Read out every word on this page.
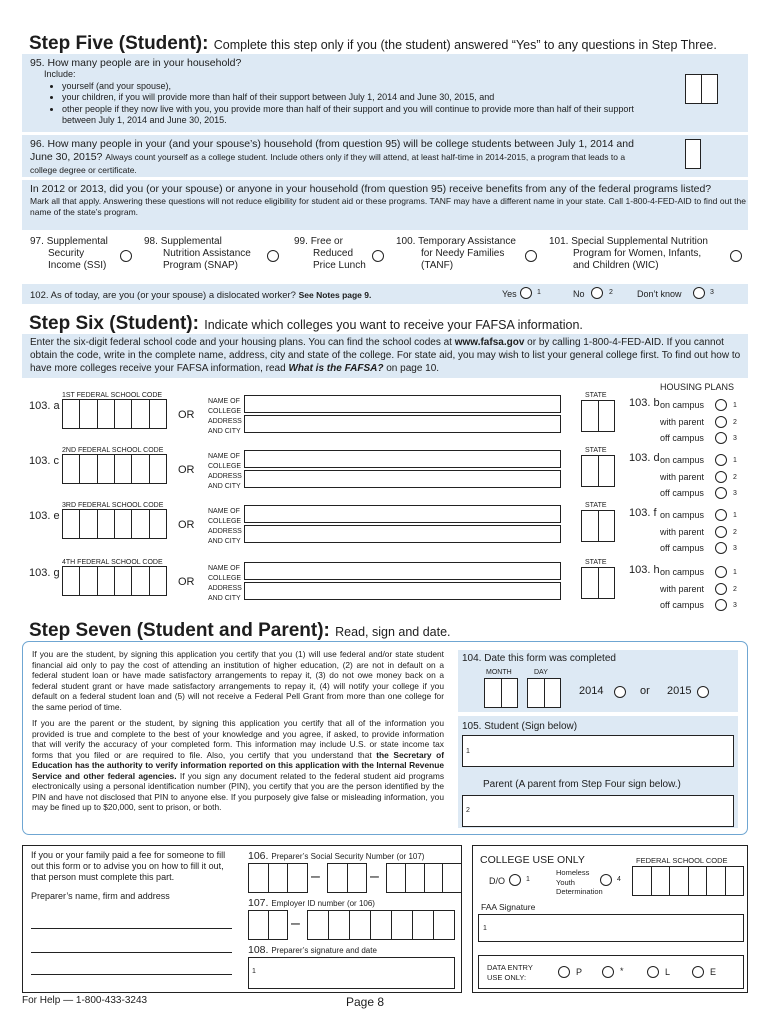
Step Five (Student): Complete this step only if you (the student) answered “Yes” to any questions in Step Three.
95. How many people are in your household?
Include:
• yourself (and your spouse),
• your children, if you will provide more than half of their support between July 1, 2014 and June 30, 2015, and
• other people if they now live with you, you provide more than half of their support and you will continue to provide more than half of their support between July 1, 2014 and June 30, 2015.
96. How many people in your (and your spouse’s) household (from question 95) will be college students between July 1, 2014 and June 30, 2015? Always count yourself as a college student. Include others only if they will attend, at least half-time in 2014-2015, a program that leads to a college degree or certificate.
In 2012 or 2013, did you (or your spouse) or anyone in your household (from question 95) receive benefits from any of the federal programs listed?
Mark all that apply. Answering these questions will not reduce eligibility for student aid or these programs. TANF may have a different name in your state. Call 1-800-4-FED-AID to find out the name of the state’s program.
97. Supplemental
Security
Income (SSI)
98. Supplemental
Nutrition Assistance
Program (SNAP)
99. Free or
Reduced
Price Lunch
100. Temporary Assistance
for Needy Families
(TANF)
101. Special Supplemental Nutrition
Program for Women, Infants,
and Children (WIC)
102. As of today, are you (or your spouse) a dislocated worker? See Notes page 9.	Yes	1	No	2	Don’t know	3
Step Six (Student): Indicate which colleges you want to receive your FAFSA information.
Enter the six-digit federal school code and your housing plans. You can find the school codes at www.fafsa.gov or by calling 1-800-4-FED-AID. If you cannot obtain the code, write in the complete name, address, city and state of the college. For state aid, you may wish to list your general college first. To find out how to have more colleges receive your FAFSA information, read What is the FAFSA? on page 10.
HOUSING PLANS
1ST FEDERAL SCHOOL CODE
103. a
OR
NAME OF
COLLEGE
ADDRESS
AND CITY
STATE
103. b on campus	1
with parent	2
off campus	3
2ND FEDERAL SCHOOL CODE
103. c
OR
NAME OF
COLLEGE
ADDRESS
AND CITY
STATE
103. d on campus	1
with parent	2
off campus	3
3RD FEDERAL SCHOOL CODE
103. e
OR
NAME OF
COLLEGE
ADDRESS
AND CITY
STATE
103. f on campus	1
with parent	2
off campus	3
4TH FEDERAL SCHOOL CODE
103. g
OR
NAME OF
COLLEGE
ADDRESS
AND CITY
STATE
103. h on campus	1
with parent	2
off campus	3
Step Seven (Student and Parent): Read, sign and date.
If you are the student, by signing this application you certify that you (1) will use federal and/or state student financial aid only to pay the cost of attending an institution of higher education, (2) are not in default on a federal student loan or have made satisfactory arrangements to repay it, (3) do not owe money back on a federal student grant or have made satisfactory arrangements to repay it, (4) will notify your college if you default on a federal student loan and (5) will not receive a Federal Pell Grant from more than one college for the same period of time.
If you are the parent or the student, by signing this application you certify that all of the information you provided is true and complete to the best of your knowledge and you agree, if asked, to provide information that will verify the accuracy of your completed form. This information may include U.S. or state income tax forms that you filed or are required to file. Also, you certify that you understand that the Secretary of Education has the authority to verify information reported on this application with the Internal Revenue Service and other federal agencies. If you sign any document related to the federal student aid programs electronically using a personal identification number (PIN), you certify that you are the person identified by the PIN and have not disclosed that PIN to anyone else. If you purposely give false or misleading information, you may be fined up to $20,000, sent to prison, or both.
104. Date this form was completed
MONTH	DAY
2014	or 2015
105. Student (Sign below)
1
Parent (A parent from Step Four sign below.)
2
If you or your family paid a fee for someone to fill out this form or to advise you on how to fill it out, that person must complete this part.
Preparer’s name, firm and address
106. Preparer’s Social Security Number (or 107)
–	–
107. Employer ID number (or 106)
–
108. Preparer’s signature and date
1
COLLEGE USE ONLY	FEDERAL SCHOOL CODE
D/O	1
Homeless
Youth
Determination
4
FAA Signature
1
DATA ENTRY
USE ONLY:
P	*	L	E
For Help — 1-800-433-3243	Page 8
